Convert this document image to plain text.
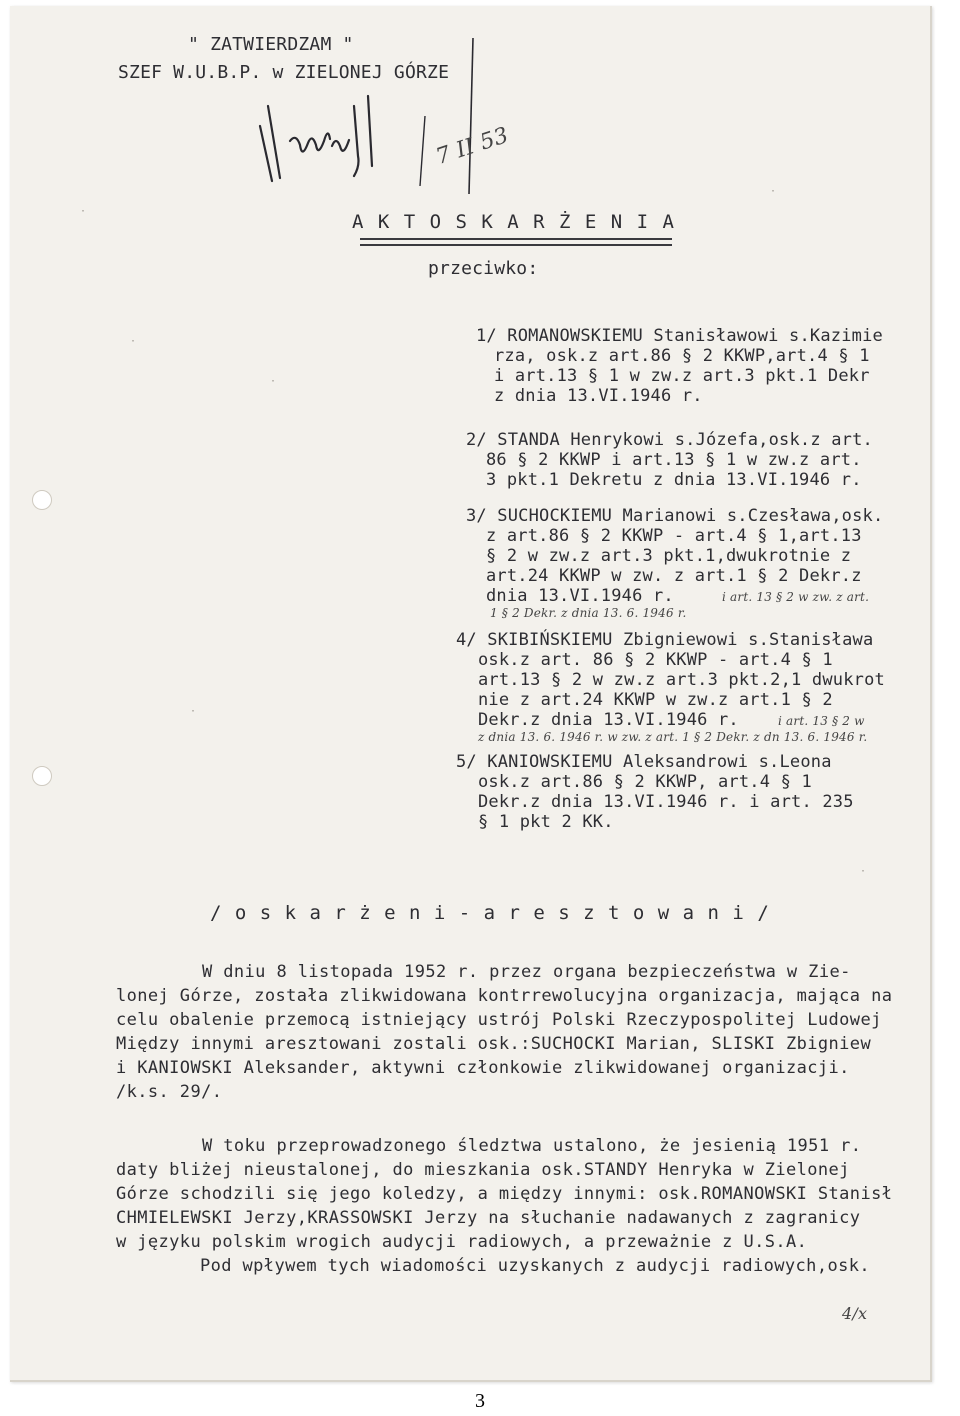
" ZATWIERDZAM "
SZEF W.U.B.P. w ZIELONEJ GÓRZE
7 II 53
A K T O S K A R Ż E N I A
przeciwko:
1/ ROMANOWSKIEMU Stanisławowi s.Kazimie
rza, osk.z art.86 § 2 KKWP,art.4 § 1
i art.13 § 1 w zw.z art.3 pkt.1 Dekr
z dnia 13.VI.1946 r.
2/ STANDA Henrykowi s.Józefa,osk.z art.
86 § 2 KKWP i art.13 § 1 w zw.z art.
3 pkt.1 Dekretu z dnia 13.VI.1946 r.
3/ SUCHOCKIEMU Marianowi s.Czesława,osk.
z art.86 § 2 KKWP - art.4 § 1,art.13
§ 2 w zw.z art.3 pkt.1,dwukrotnie z
art.24 KKWP w zw. z art.1 § 2 Dekr.z
dnia 13.VI.1946 r.	i art. 13 § 2 w zw. z art.
1 § 2 Dekr. z dnia 13. 6. 1946 r.
4/ SKIBIŃSKIEMU Zbigniewowi s.Stanisława
osk.z art. 86 § 2 KKWP - art.4 § 1
art.13 § 2 w zw.z art.3 pkt.2,1 dwukrot
nie z art.24 KKWP w zw.z art.1 § 2
Dekr.z dnia 13.VI.1946 r.	i art. 13 § 2 w
z dnia 13. 6. 1946 r. w zw. z art. 1 § 2 Dekr. z dn 13. 6. 1946 r.
5/ KANIOWSKIEMU Aleksandrowi s.Leona
osk.z art.86 § 2 KKWP, art.4 § 1
Dekr.z dnia 13.VI.1946 r. i art. 235
§ 1 pkt 2 KK.
/ o s k a r ż e n i - a r e s z t o w a n i /
W dniu 8 listopada 1952 r. przez organa bezpieczeństwa w Zie-
lonej Górze, została zlikwidowana kontrrewolucyjna organizacja, mająca na
celu obalenie przemocą istniejący ustrój Polski Rzeczypospolitej Ludowej
Między innymi aresztowani zostali osk.:SUCHOCKI Marian, SLISKI Zbigniew
i KANIOWSKI Aleksander, aktywni członkowie zlikwidowanej organizacji.
/k.s. 29/.
W toku przeprowadzonego śledztwa ustalono, że jesienią 1951 r.
daty bliżej nieustalonej, do mieszkania osk.STANDY Henryka w Zielonej
Górze schodzili się jego koledzy, a między innymi: osk.ROMANOWSKI Stanisł
CHMIELEWSKI Jerzy,KRASSOWSKI Jerzy na słuchanie nadawanych z zagranicy
w języku polskim wrogich audycji radiowych, a przeważnie z U.S.A.
Pod wpływem tych wiadomości uzyskanych z audycji radiowych,osk.
4/x
·
·
·
·
·
·
3
